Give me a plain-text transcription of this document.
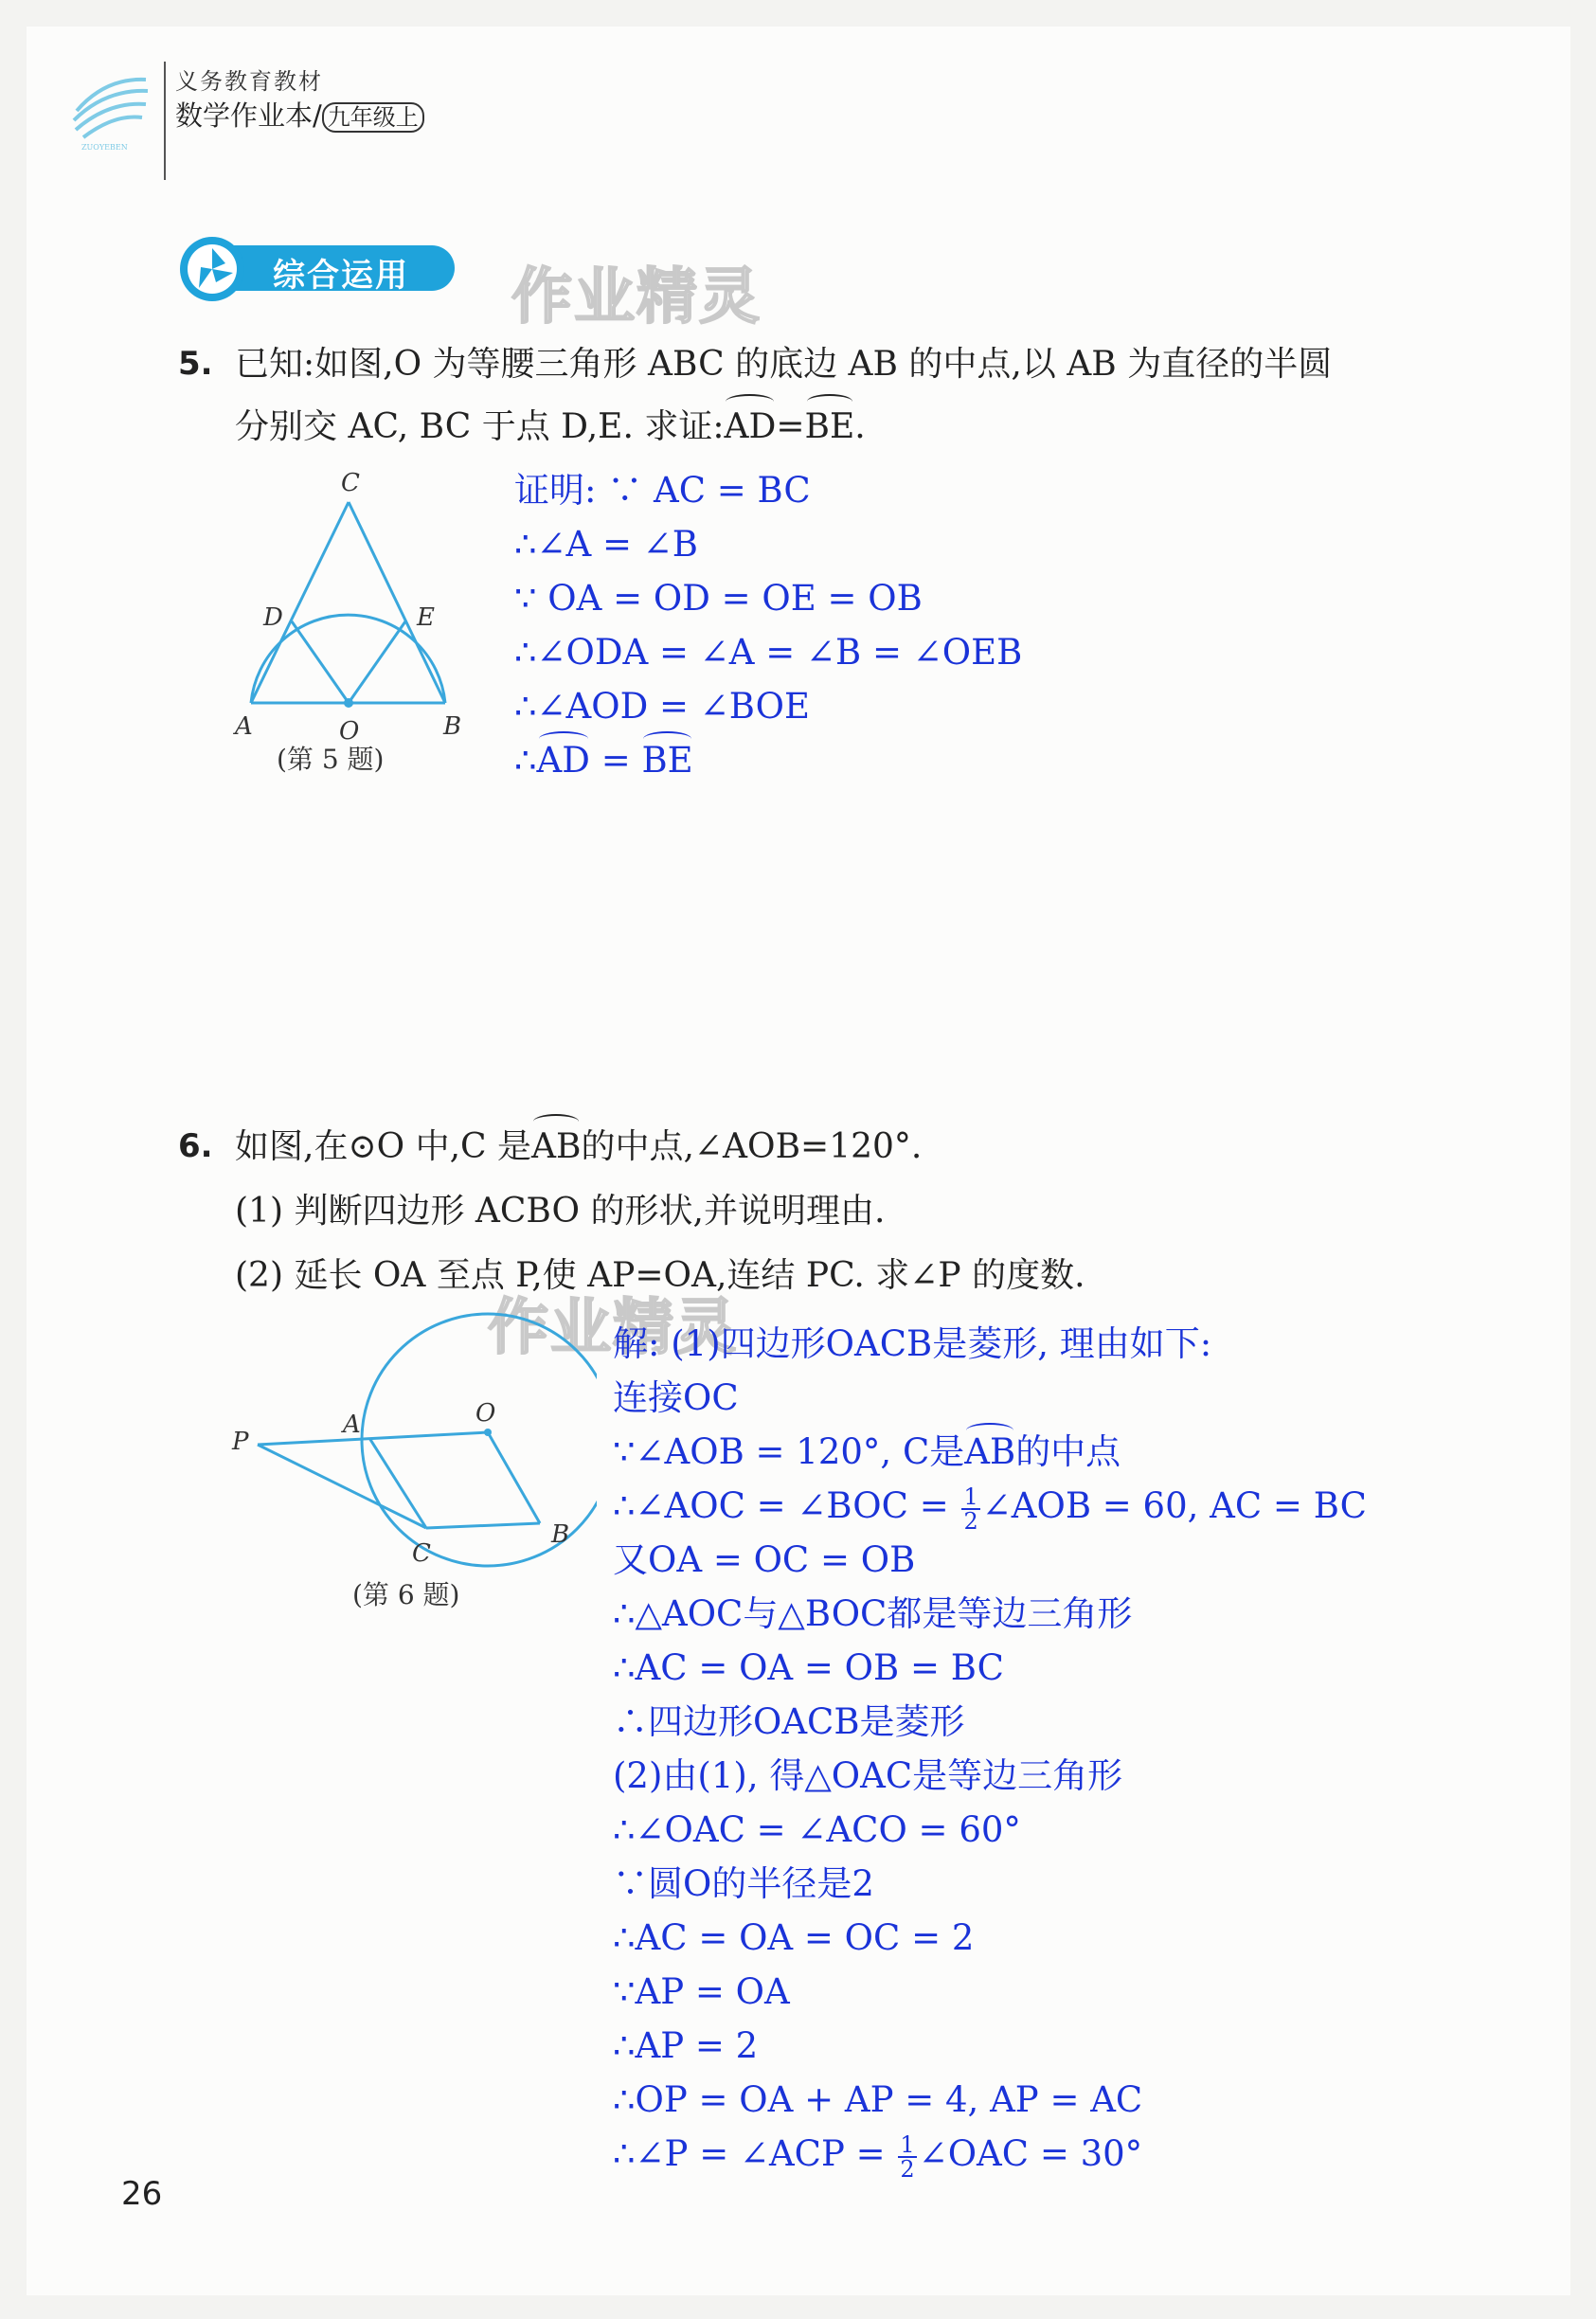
ZUOYEBEN
义务教育教材
数学作业本/ 九年级上
综合运用 作业精灵
5. 已知:如图,O 为等腰三角形 ABC 的底边 AB 的中点,以 AB 为直径的半圆
分别交 AC, BC 于点 D,E. 求证:AD=BE.
C
D	E
A	O	B
(第 5 题)
证明: ∵ AC = BC
∴∠A = ∠B
∵ OA = OD = OE = OB
∴∠ODA = ∠A = ∠B = ∠OEB
∴∠AOD = ∠BOE
∴AD = BE
6. 如图,在⊙O 中,C 是AB的中点,∠AOB=120°.
(1) 判断四边形 ACBO 的形状,并说明理由.
(2) 延长 OA 至点 P,使 AP=OA,连结 PC. 求∠P 的度数.
作业精灵
P
A	O
C
B
(第 6 题)
解: (1)四边形OACB是菱形, 理由如下:
连接OC
∵∠AOB = 120°, C是AB的中点
∴∠AOC = ∠BOC = $\frac{1}{2}$ ∠AOB = 60, AC = BC
又OA = OC = OB
∴△AOC与△BOC都是等边三角形
∴AC = OA = OB = BC
∴四边形OACB是菱形
(2)由(1), 得△OAC是等边三角形
∴∠OAC = ∠ACO = 60°
∵圆O的半径是2
∴AC = OA = OC = 2
∵AP = OA
∴AP = 2
∴OP = OA + AP = 4, AP = AC
∴∠P = ∠ACP = $\frac{1}{2}$ ∠OAC = 30°
26
